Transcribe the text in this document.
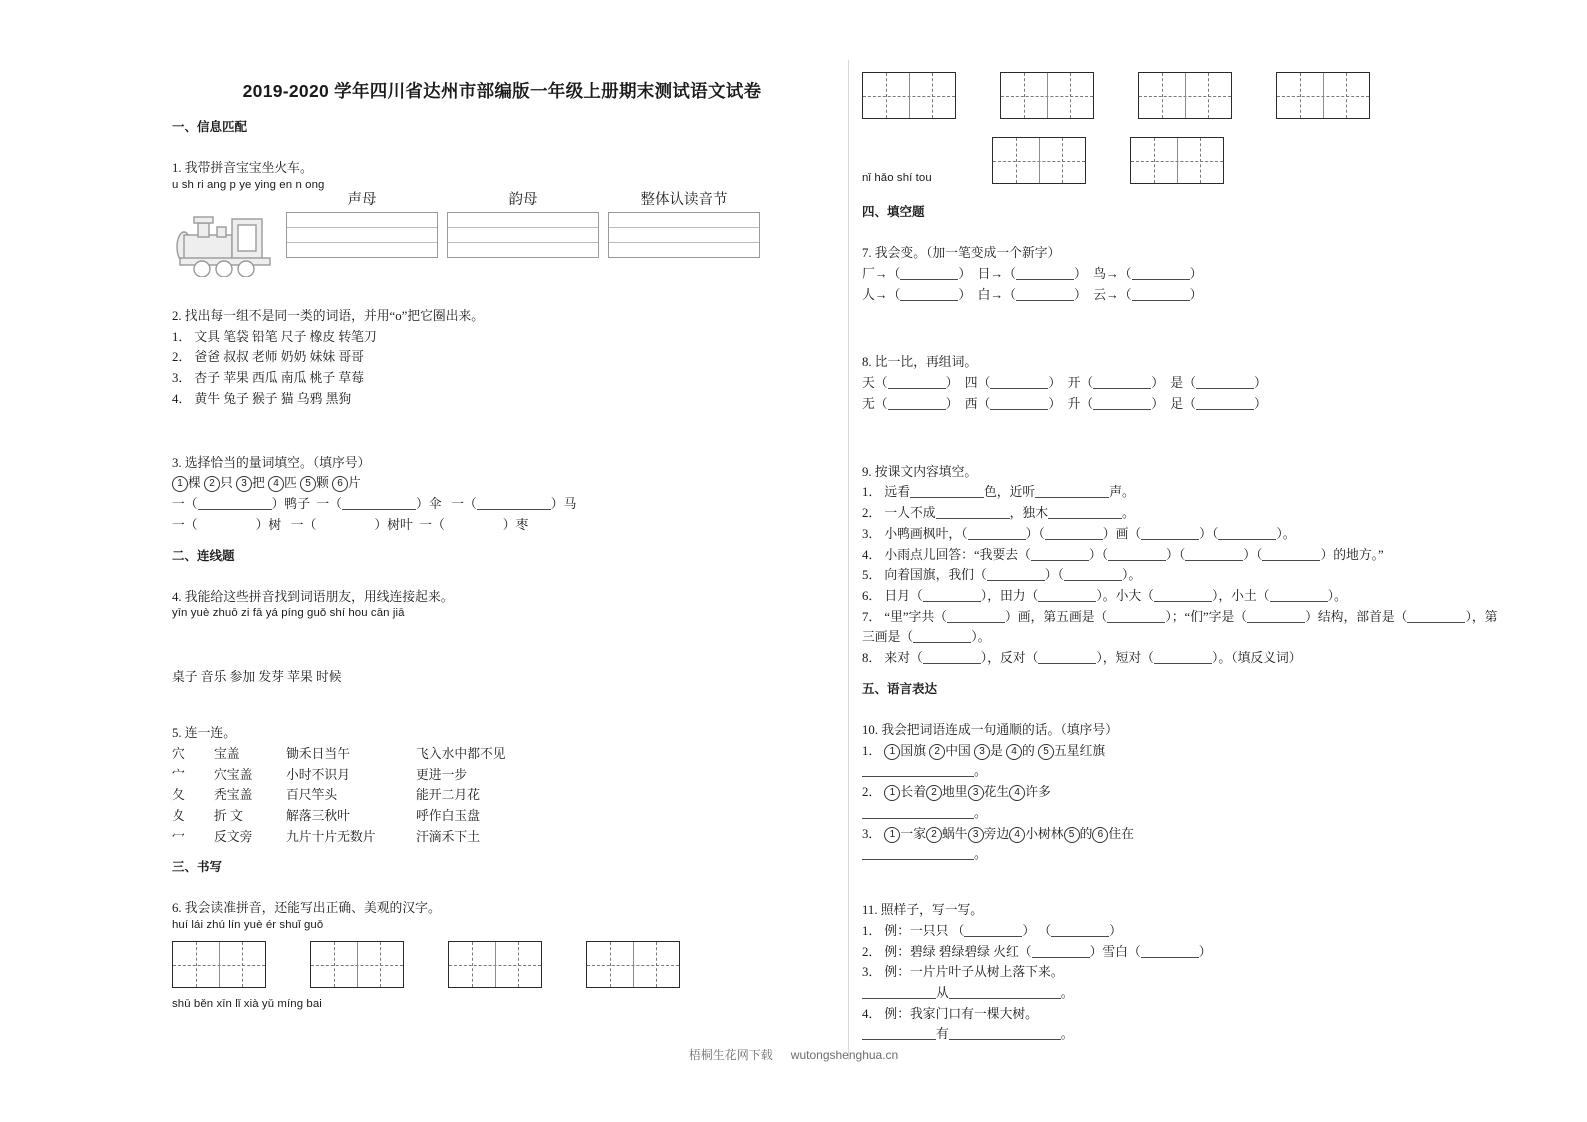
2019-2020 学年四川省达州市部编版一年级上册期末测试语文试卷
一、信息匹配

1. 我带拼音宝宝坐火车。

u sh ri ang p ye ying en n ong

声母	韵母	整体认读音节

2. 找出每一组不是同一类的词语，并用“o”把它圈出来。

1． 文具 笔袋 铅笔 尺子 橡皮 转笔刀

2． 爸爸 叔叔 老师 奶奶 妹妹 哥哥

3． 杏子 苹果 西瓜 南瓜 桃子 草莓

4． 黄牛 兔子 猴子 猫 乌鸦 黑狗

3. 选择恰当的量词填空。（填序号）

1 棵 2 只 3 把 4 匹 5 颗 6 片

一（	）鸭子  一（	）伞   一（	）马

一（	）树   一（	）树叶  一（	）枣

二、连线题

4. 我能给这些拼音找到词语朋友，用线连接起来。

yīn yuè zhuō zi fā yá píng guǒ shí hou cān jiā

桌子 音乐 参加 发芽 苹果 时候

5. 连一连。

穴 宝盖	锄禾日当午	飞入水中都不见

宀 穴宝盖	小时不识月	更进一步

夂 秃宝盖	百尺竿头	能开二月花

夊 折 文	解落三秋叶	呼作白玉盘

冖 反文旁	九片十片无数片	汗滴禾下土

三、书写

6. 我会读准拼音，还能写出正确、美观的汉字。

huí lái zhú lín yuè ér shuǐ guǒ

shū běn xīn lǐ xià yǔ míng bai

nǐ hǎo shí tou

四、填空题

7. 我会变。（加一笔变成一个新字）

厂→（	）  日→（	）  鸟→（	）

人→（	）  白→（	）  云→（	）

8. 比一比，再组词。

天（	）  四（	）  开（	）  是（	）

无（	）  西（	）  升（	）  足（	）

9. 按课文内容填空。

1． 远看	色，近听	声。

2． 一人不成	，独木	。

3． 小鸭画枫叶，（	）（	）画（	）（	）。

4． 小雨点儿回答：“我要去（	）（	）（	）（	）的地方。”

5． 向着国旗，我们（	）（	）。

6． 日月（	），田力（	）。小大（	），小土（	）。

7． “里”字共（	）画，第五画是（	）；“们”字是（	）结构，部首是（	），第

三画是（	）。

8． 来对（	），反对（	），短对（	）。（填反义词）

五、语言表达

10. 我会把词语连成一句通顺的话。（填序号）

1． 1 国旗 2 中国 3 是 4 的 5 五星红旗

。

2． 1 长着 2 地里 3 花生 4 许多

。

3． 1 一家 2 蜗牛 3 旁边 4 小树林 5 的 6 住在

。

11. 照样子，写一写。

1． 例：一只只 （	） （	）

2． 例：碧绿 碧绿碧绿 火红（	）雪白（	）

3． 例：一片片叶子从树上落下来。

从	。

4． 例：我家门口有一棵大树。

有	。

梧桐生花网下载 wutongshenghua.cn
